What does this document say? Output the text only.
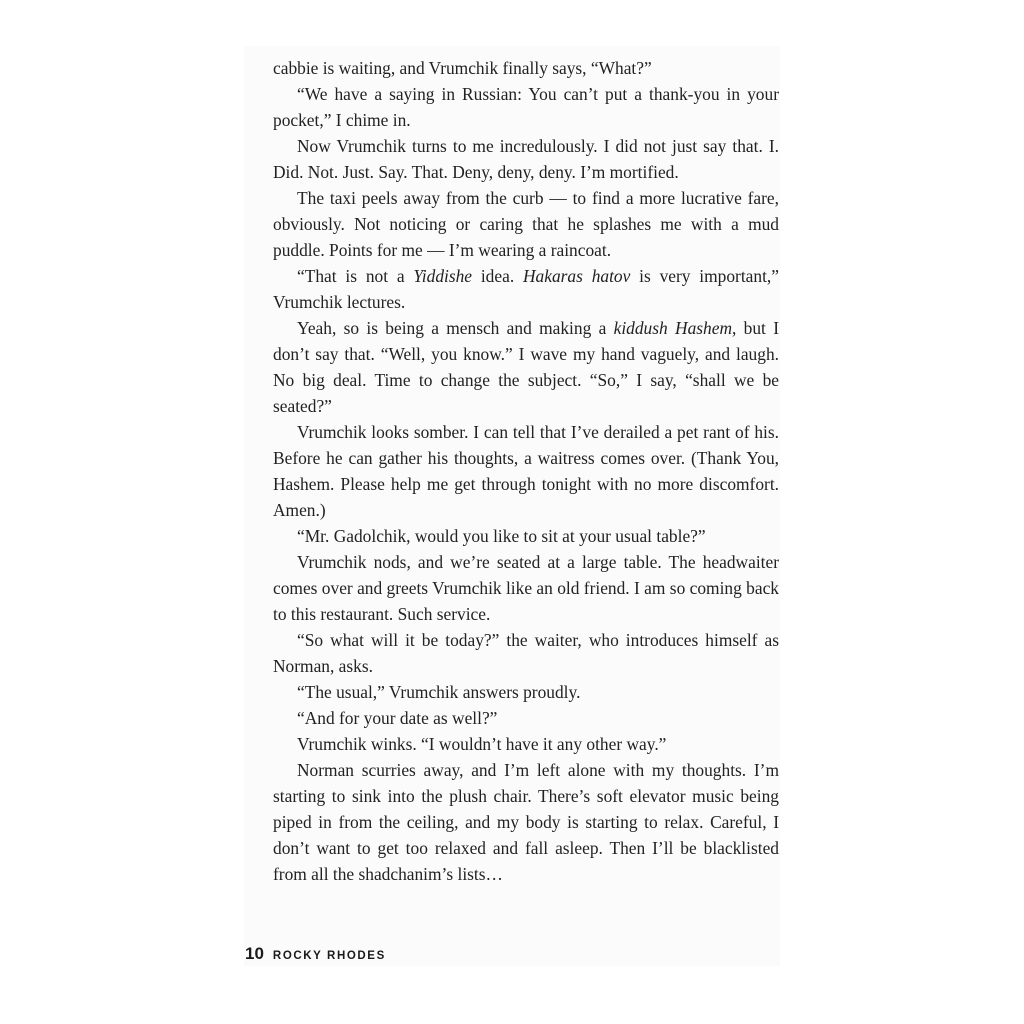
cabbie is waiting, and Vrumchik finally says, “What?”

“We have a saying in Russian: You can’t put a thank-you in your pocket,” I chime in.

Now Vrumchik turns to me incredulously. I did not just say that. I. Did. Not. Just. Say. That. Deny, deny, deny. I’m mortified.

The taxi peels away from the curb — to find a more lucrative fare, obviously. Not noticing or caring that he splashes me with a mud puddle. Points for me — I’m wearing a raincoat.

“That is not a Yiddishe idea. Hakaras hatov is very important,” Vrumchik lectures.

Yeah, so is being a mensch and making a kiddush Hashem, but I don’t say that. “Well, you know.” I wave my hand vaguely, and laugh. No big deal. Time to change the subject. “So,” I say, “shall we be seated?”

Vrumchik looks somber. I can tell that I’ve derailed a pet rant of his. Before he can gather his thoughts, a waitress comes over. (Thank You, Hashem. Please help me get through tonight with no more discomfort. Amen.)

“Mr. Gadolchik, would you like to sit at your usual table?”

Vrumchik nods, and we’re seated at a large table. The headwaiter comes over and greets Vrumchik like an old friend. I am so coming back to this restaurant. Such service.

“So what will it be today?” the waiter, who introduces himself as Norman, asks.

“The usual,” Vrumchik answers proudly.

“And for your date as well?”

Vrumchik winks. “I wouldn’t have it any other way.”

Norman scurries away, and I’m left alone with my thoughts. I’m starting to sink into the plush chair. There’s soft elevator music being piped in from the ceiling, and my body is starting to relax. Careful, I don’t want to get too relaxed and fall asleep. Then I’ll be blacklisted from all the shadchanim’s lists…

10 ROCKY RHODES
